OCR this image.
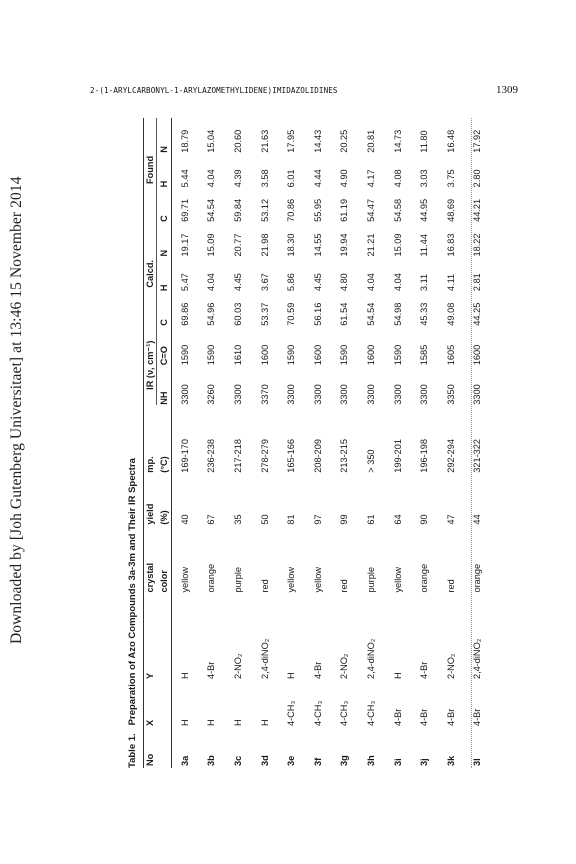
Downloaded by [Joh Gutenberg Universitaet] at 13:46 15 November 2014
2-(1-ARYLCARBONYL-1-ARYLAZOMETHYLIDENE)IMIDAZOLIDINES	1309
Table 1.Preparation of Azo Compounds 3a-3m and Their IR Spectra
No	X	Y	crystal	yield	mp.	IR (ν, cm⁻¹)		Calcd.			Found		
			color	(%)	(°C)	NH	C=O	C	H	N	C	H	N
3a	H	H	yellow	40	169-170	3300	1590	69.86	5.47	19.17	69.71	5.44	18.79
3b	H	4-Br	orange	67	236-238	3260	1590	54.96	4.04	15.09	54.54	4.04	15.04
3c	H	2-NO₂	purple	35	217-218	3300	1610	60.03	4.45	20.77	59.84	4.39	20.60
3d	H	2,4-diNO₂	red	50	278-279	3370	1600	53.37	3.67	21.98	53.12	3.58	21.63
3e	4-CH₃	H	yellow	81	165-166	3300	1590	70.59	5.86	18.30	70.86	6.01	17.95
3f	4-CH₃	4-Br	yellow	97	208-209	3300	1600	56.16	4.45	14.55	55.95	4.44	14.43
3g	4-CH₃	2-NO₂	red	99	213-215	3300	1590	61.54	4.80	19.94	61.19	4.90	20.25
3h	4-CH₃	2,4-diNO₂	purple	61	> 350	3300	1600	54.54	4.04	21.21	54.47	4.17	20.81
3i	4-Br	H	yellow	64	199-201	3300	1590	54.98	4.04	15.09	54.58	4.08	14.73
3j	4-Br	4-Br	orange	90	196-198	3300	1585	45.33	3.11	11.44	44.95	3.03	11.80
3k	4-Br	2-NO₂	red	47	292-294	3350	1605	49.08	4.11	16.83	48.69	3.75	16.48
3l	4-Br	2,4-diNO₂	orange	44	321-322	3300	1600	44.25	2.81	18.22	44.21	2.80	17.92
